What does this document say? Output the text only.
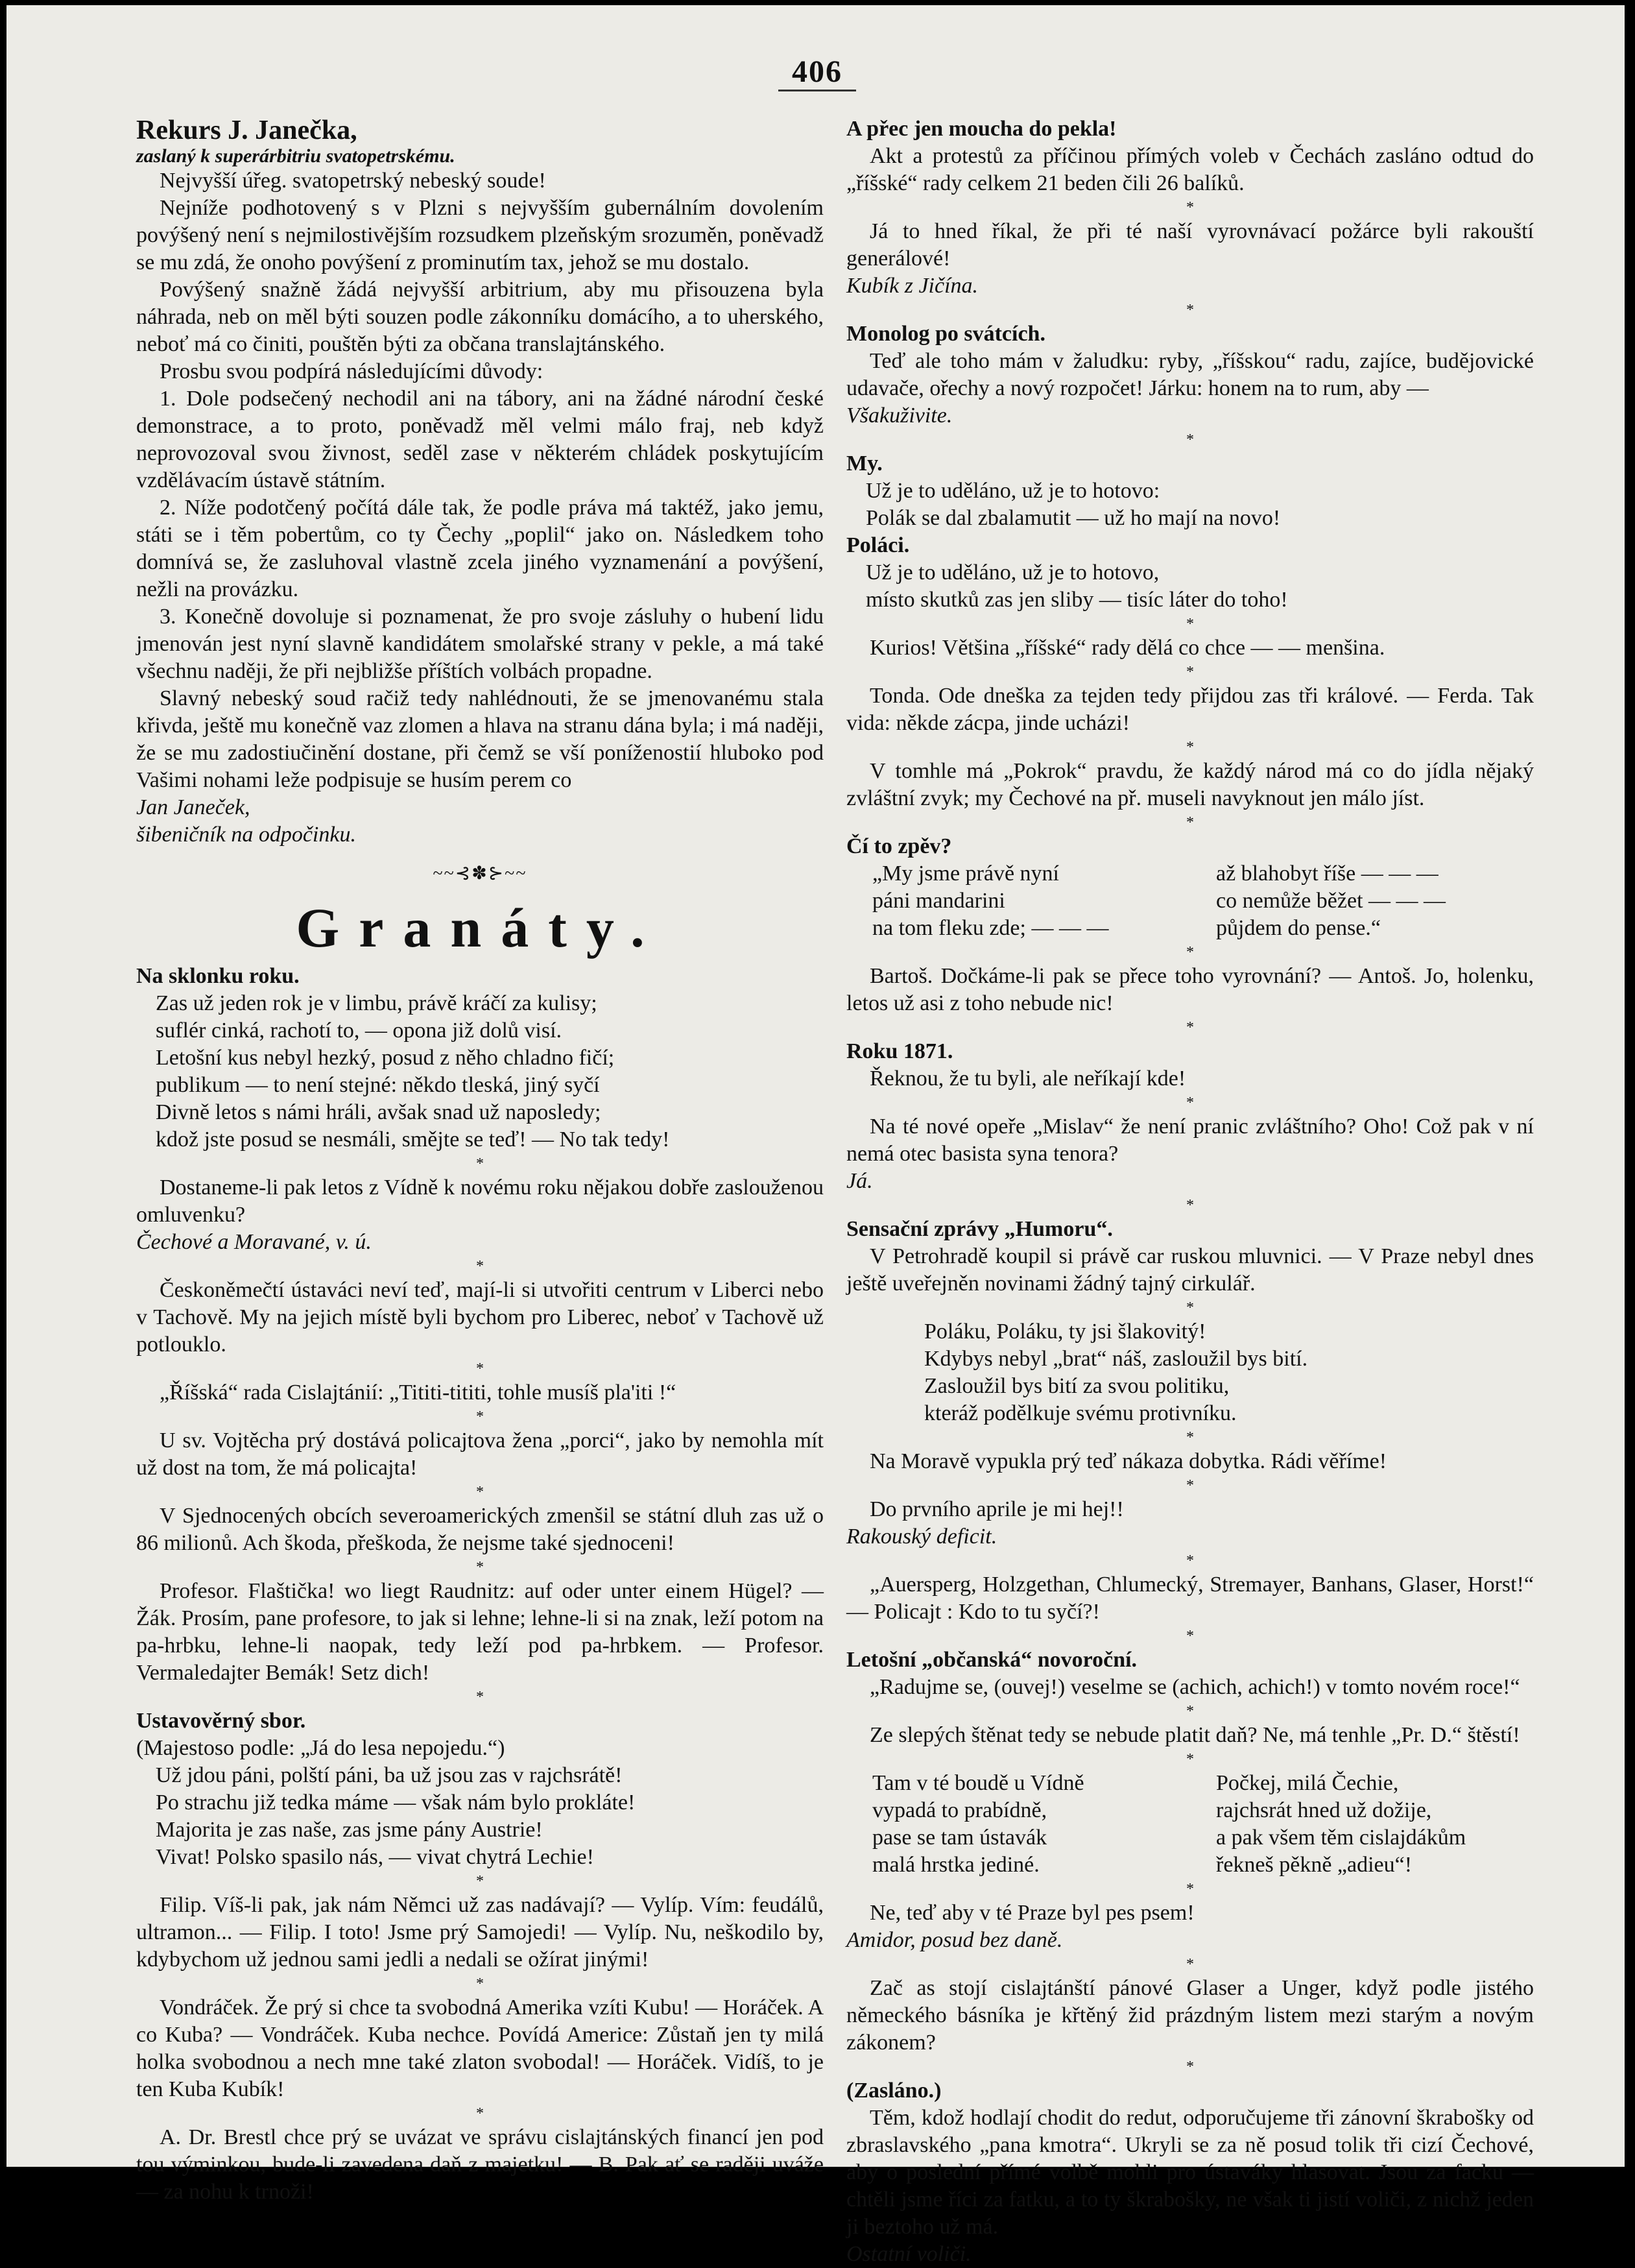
406

Rekurs J. Janečka,

zaslaný k superárbitriu svatopetrskému.

Nejvyšší úřeg. svatopetrský nebeský soude!

Nejníže podhotovený s v Plzni s nejvyšším gubernálním dovolením povýšený není s nejmilostivějším rozsudkem plzeňským srozuměn, poněvadž se mu zdá, že onoho povýšení z prominutím tax, jehož se mu dostalo.

Povýšený snažně žádá nejvyšší arbitrium, aby mu přisouzena byla náhrada, neb on měl býti souzen podle zákonníku domácího, a to uherského, neboť má co činiti, pouštěn býti za občana translajtánského.

Prosbu svou podpírá následujícími důvody:

1. Dole podsečený nechodil ani na tábory, ani na žádné národní české demonstrace, a to proto, poněvadž měl velmi málo fraj, neb když neprovozoval svou živnost, seděl zase v některém chládek poskytujícím vzdělávacím ústavě státním.

2. Níže podotčený počítá dále tak, že podle práva má taktéž, jako jemu, státi se i těm pobertům, co ty Čechy „poplil“ jako on. Následkem toho domnívá se, že zasluhoval vlastně zcela jiného vyznamenání a povýšení, nežli na provázku.

3. Konečně dovoluje si poznamenat, že pro svoje zásluhy o hubení lidu jmenován jest nyní slavně kandidátem smolařské strany v pekle, a má také všechnu naději, že při nejbližše příštích volbách propadne.

Slavný nebeský soud račiž tedy nahlédnouti, že se jmenovanému stala křivda, ještě mu konečně vaz zlomen a hlava na stranu dána byla; i má naději, že se mu zadostiučinění dostane, při čemž se vší poníženostií hluboko pod Vašimi nohami leže podpisuje se husím perem co

Jan Janeček,

šibeničník na odpočinku.

~~⊰✽⊱~~
Granáty.

Na sklonku roku.

Zas už jeden rok je v limbu, právě kráčí za kulisy;

suflér cinká, rachotí to, — opona již dolů visí.

Letošní kus nebyl hezký, posud z něho chladno fičí;

publikum — to není stejné: někdo tleská, jiný syčí

Divně letos s námi hráli, avšak snad už naposledy;

kdož jste posud se nesmáli, smějte se teď! — No tak tedy!

*

Dostaneme-li pak letos z Vídně k novému roku nějakou dobře zaslouženou omluvenku?

Čechové a Moravané, v. ú.

*

Českoněmečtí ústaváci neví teď, mají-li si utvořiti centrum v Liberci nebo v Tachově. My na jejich místě byli bychom pro Liberec, neboť v Tachově už potlouklo.

*

„Říšská“ rada Cislajtánií: „Tititi-tititi, tohle musíš pla'iti !“

*

U sv. Vojtěcha prý dostává policajtova žena „porci“, jako by nemohla mít už dost na tom, že má policajta!

*

V Sjednocených obcích severoamerických zmenšil se státní dluh zas už o 86 milionů. Ach škoda, přeškoda, že nejsme také sjednoceni!

*

Profesor. Flaštička! wo liegt Raudnitz: auf oder unter einem Hügel? — Žák. Prosím, pane profesore, to jak si lehne; lehne-li si na znak, leží potom na pa-hrbku, lehne-li naopak, tedy leží pod pa-hrbkem. — Profesor. Vermaledajter Bemák! Setz dich!

*

Ustavověrný sbor.

(Majestoso podle: „Já do lesa nepojedu.“)

Už jdou páni, polští páni, ba už jsou zas v rajchsrátě!

Po strachu již tedka máme — však nám bylo prokláte!

Majorita je zas naše, zas jsme pány Austrie!

Vivat! Polsko spasilo nás, — vivat chytrá Lechie!

*

Filip. Víš-li pak, jak nám Němci už zas nadávají? — Vylíp. Vím: feudálů, ultramon... — Filip. I toto! Jsme prý Samojedi! — Vylíp. Nu, neškodilo by, kdybychom už jednou sami jedli a nedali se ožírat jinými!

*

Vondráček. Že prý si chce ta svobodná Amerika vzíti Kubu! — Horáček. A co Kuba? — Vondráček. Kuba nechce. Povídá Americe: Zůstaň jen ty milá holka svobodnou a nech mne také zlaton svobodal! — Horáček. Vidíš, to je ten Kuba Kubík!

*

A. Dr. Brestl chce prý se uvázat ve správu cislajtánských financí jen pod tou výminkou, bude-li zavedena daň z majetku! — B. Pak ať se raději uváže — za nohu k trnoži!

A přec jen moucha do pekla!

Akt a protestů za příčinou přímých voleb v Čechách zasláno odtud do „říšské“ rady celkem 21 beden čili 26 balíků.

*

Já to hned říkal, že při té naší vyrovnávací požárce byli rakouští generálové!

Kubík z Jičína.

*

Monolog po svátcích.

Teď ale toho mám v žaludku: ryby, „říšskou“ radu, zajíce, budějovické udavače, ořechy a nový rozpočet! Járku: honem na to rum, aby —

Všakuživite.

*

My.

Už je to uděláno, už je to hotovo:

Polák se dal zbalamutit — už ho mají na novo!

Poláci.

Už je to uděláno, už je to hotovo,

místo skutků zas jen sliby — tisíc láter do toho!

*

Kurios! Většina „říšské“ rady dělá co chce — — menšina.

*

Tonda. Ode dneška za tejden tedy přijdou zas tři králové. — Ferda. Tak vida: někde zácpa, jinde ucházi!

*

V tomhle má „Pokrok“ pravdu, že každý národ má co do jídla nějaký zvláštní zvyk; my Čechové na př. museli navyknout jen málo jíst.

*

Čí to zpěv?

„My jsme právě nyní

páni mandarini

na tom fleku zde; — — —

až blahobyt říše — — —

co nemůže běžet — — —

půjdem do pense.“

*

Bartoš. Dočkáme-li pak se přece toho vyrovnání? — Antoš. Jo, holenku, letos už asi z toho nebude nic!

*

Roku 1871.

Řeknou, že tu byli, ale neříkají kde!

*

Na té nové opeře „Mislav“ že není pranic zvláštního? Oho! Což pak v ní nemá otec basista syna tenora?

Já.

*

Sensační zprávy „Humoru“.

V Petrohradě koupil si právě car ruskou mluvnici. — V Praze nebyl dnes ještě uveřejněn novinami žádný tajný cirkulář.

*

Poláku, Poláku, ty jsi šlakovitý!

Kdybys nebyl „brat“ náš, zasloužil bys bití.

Zasloužil bys bití za svou politiku,

kteráž podělkuje svému protivníku.

*

Na Moravě vypukla prý teď nákaza dobytka. Rádi věříme!

*

Do prvního aprile je mi hej!!

Rakouský deficit.

*

„Auersperg, Holzgethan, Chlumecký, Stremayer, Banhans, Glaser, Horst!“ — Policajt : Kdo to tu syčí?!

*

Letošní „občanská“ novoroční.

„Radujme se, (ouvej!) veselme se (achich, achich!) v tomto novém roce!“

*

Ze slepých štěnat tedy se nebude platit daň? Ne, má tenhle „Pr. D.“ štěstí!

*

Tam v té boudě u Vídně

vypadá to prabídně,

pase se tam ústavák

malá hrstka jediné.

Počkej, milá Čechie,

rajchsrát hned už dožije,

a pak všem těm cislajdákům

řekneš pěkně „adieu“!

*

Ne, teď aby v té Praze byl pes psem!

Amidor, posud bez daně.

*

Zač as stojí cislajtánští pánové Glaser a Unger, když podle jistého německého básníka je křtěný žid prázdným listem mezi starým a novým zákonem?

*

(Zasláno.)

Těm, kdož hodlají chodit do redut, odporučujeme tři zánovní škrabošky od zbraslavského „pana kmotra“. Ukryli se za ně posud tolik tři cizí Čechové, aby o poslední přímé volbě mohli pro ústaváky hlasovat. Jsou za facku — chtěli jsme říci za fatku, a to ty škrabošky, ne však ti jistí voliči, z nichž jeden ji beztoho už má.

Ostatní voliči.
